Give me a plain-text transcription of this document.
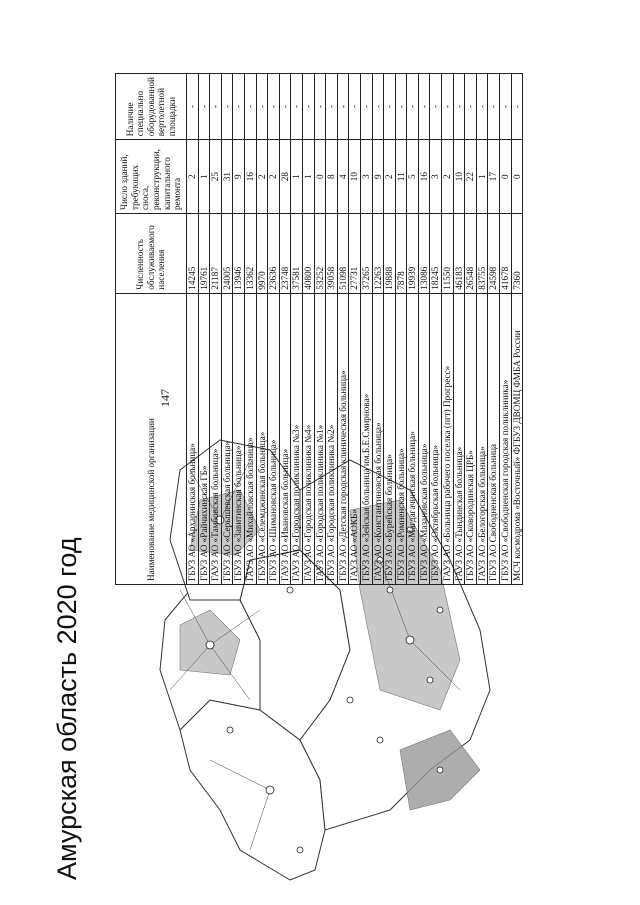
Амурская область 2020 год
147
Наименование медицинской организации	Численность обслуживаемого населения	Число зданий, требующих сноса, реконструкции, капитального ремонта	Наличие специально оборудованной вертолетной площадки
ГБУЗ АО «Архаринская больница»	14245	2	-
ГБУЗ АО «Райчихинская ГБ»	19761	1	-
ГАУЗ АО «Тамбовская больница»	21187	25	-
ГБУЗ АО «Серышевская больница»	24005	31	-
ГБУЗ АО «Завитинская больница»	13946	9	-
ГАУЗ АО «Михайловская больница»	13362	16	-
ГБУЗ АО «Селемджинская больница»	9970	2	-
ГБУЗ АО «Шимановская больница»	23636	2	-
ГАУЗ АО «Ивановская больница»	23748	28	-
ГАУЗ АО «Городская поликлиника №3»	37581	1	-
ГАУЗ АО «Городская поликлиника №4»	40800	1	-
ГАУЗ АО «Городская поликлиника №1»	53252	0	-
ГБУЗ АО «Городская поликлиника №2»	39058	8	-
ГБУЗ АО «Детская городская клиническая больница»	51098	4	-
ГАУЗ АО «АОКБ»	27731	10	-
ГБУЗ АО «Зейская больница им.Б.Е.Смирнова»	37265	3	-
ГАУЗ АО «Константиновская больница»	12263	9	-
ГБУЗ АО «Бурейская больница»	19888	2	-
ГБУЗ АО «Ромненская больница»	7878	11	-
ГБУЗ АО «Магдагачинская больница»	19939	5	-
ГБУЗ АО «Мазановская больница»	13086	16	-
ГБУЗ АО «Октябрьская больница»	18245	3	-
ГАУЗ АО «Больница рабочего поселка (пгт) Прогресс»	11550	2	-
ГАУЗ АО «Тындинская больница»	46183	10	-
ГБУЗ АО «Сковородинская ЦРБ»	26548	22	-
ГАУЗ АО «Белогорская больница»	83755	1	-
ГБУЗ АО Свободненская больница	24598	17	-
ГБУЗ АО «Свободненская городская поликлиника»	41678	0	-
МСЧ космодрома «Восточный» ФГБУЗ ДВОМЦ ФМБА России	7360	0	-
